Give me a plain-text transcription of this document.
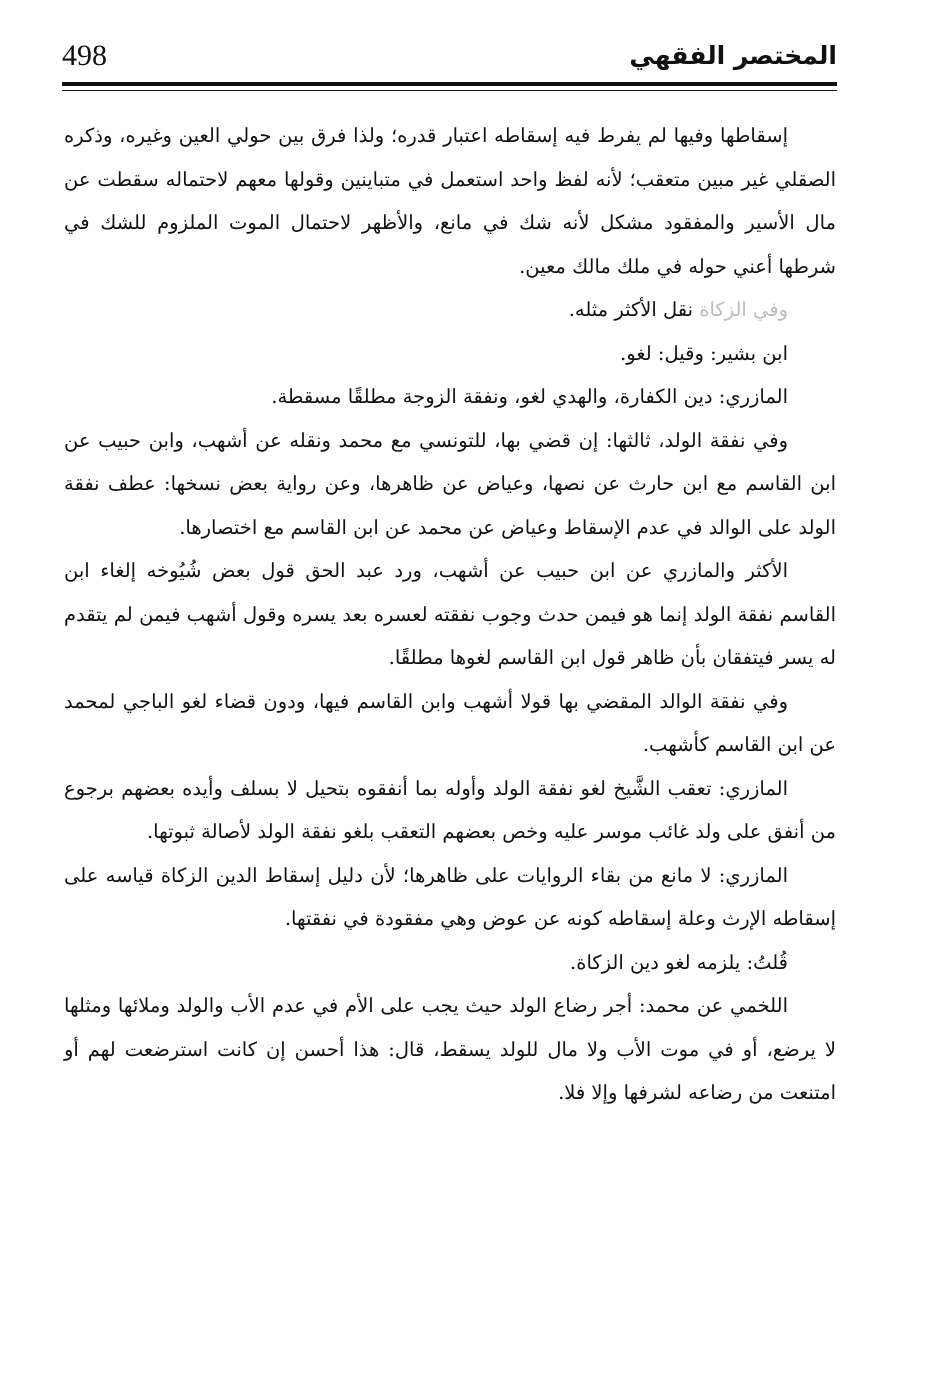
498	المختصر الفقهي

إسقاطها وفيها لم يفرط فيه إسقاطه اعتبار قدره؛ ولذا فرق بين حولي العين وغيره، وذكره الصقلي غير مبين متعقب؛ لأنه لفظ واحد استعمل في متباينين وقولها معهم لاحتماله سقطت عن مال الأسير والمفقود مشكل لأنه شك في مانع، والأظهر لاحتمال الموت الملزوم للشك في شرطها أعني حوله في ملك مالك معين.

وفي الزكاة نقل الأكثر مثله.

ابن بشير: وقيل: لغو.

المازري: دين الكفارة، والهدي لغو، ونفقة الزوجة مطلقًا مسقطة.

وفي نفقة الولد، ثالثها: إن قضي بها، للتونسي مع محمد ونقله عن أشهب، وابن حبيب عن ابن القاسم مع ابن حارث عن نصها، وعياض عن ظاهرها، وعن رواية بعض نسخها: عطف نفقة الولد على الوالد في عدم الإسقاط وعياض عن محمد عن ابن القاسم مع اختصارها.

الأكثر والمازري عن ابن حبيب عن أشهب، ورد عبد الحق قول بعض شُيُوخه إلغاء ابن القاسم نفقة الولد إنما هو فيمن حدث وجوب نفقته لعسره بعد يسره وقول أشهب فيمن لم يتقدم له يسر فيتفقان بأن ظاهر قول ابن القاسم لغوها مطلقًا.

وفي نفقة الوالد المقضي بها قولا أشهب وابن القاسم فيها، ودون قضاء لغو الباجي لمحمد عن ابن القاسم كأشهب.

المازري: تعقب الشَّيخ لغو نفقة الولد وأوله بما أنفقوه بتحيل لا بسلف وأيده بعضهم برجوع من أنفق على ولد غائب موسر عليه وخص بعضهم التعقب بلغو نفقة الولد لأصالة ثبوتها.

المازري: لا مانع من بقاء الروايات على ظاهرها؛ لأن دليل إسقاط الدين الزكاة قياسه على إسقاطه الإرث وعلة إسقاطه كونه عن عوض وهي مفقودة في نفقتها.

قُلتُ: يلزمه لغو دين الزكاة.

اللخمي عن محمد: أجر رضاع الولد حيث يجب على الأم في عدم الأب والولد وملائها ومثلها لا يرضع، أو في موت الأب ولا مال للولد يسقط، قال: هذا أحسن إن كانت استرضعت لهم أو امتنعت من رضاعه لشرفها وإلا فلا.
